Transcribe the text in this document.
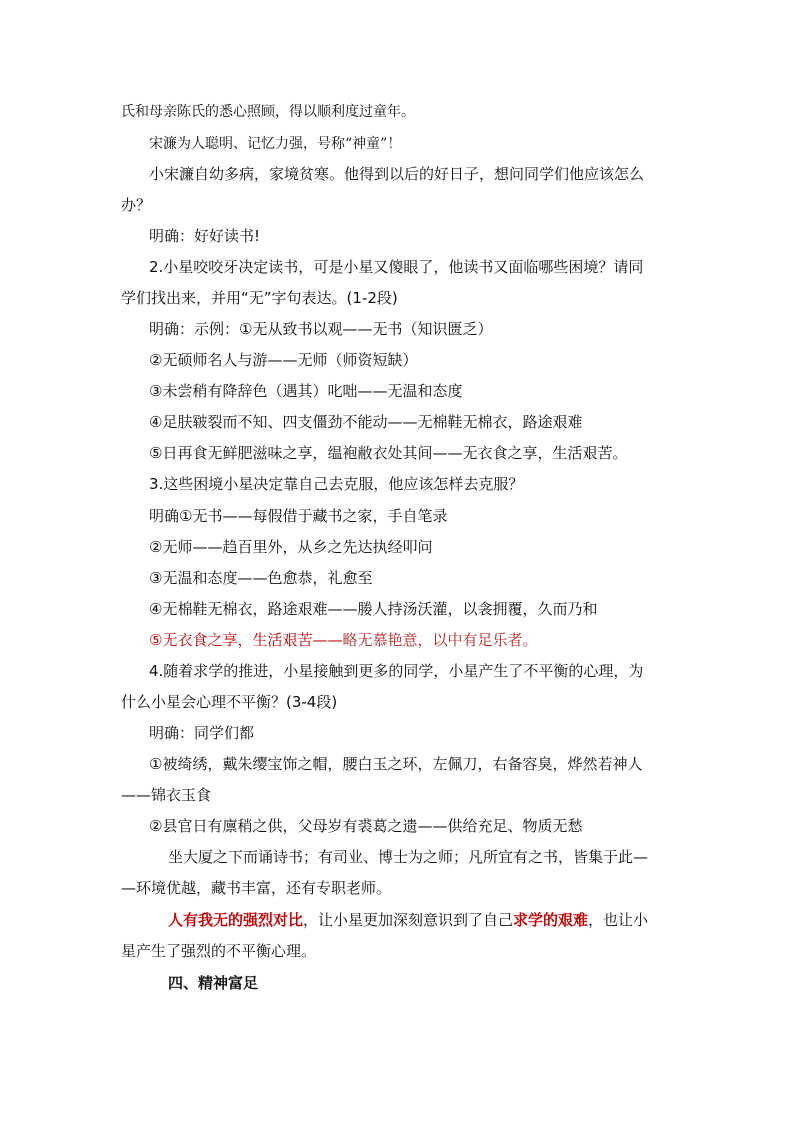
氏和母亲陈氏的悉心照顾，得以顺利度过童年。
宋濂为人聪明、记忆力强，号称“神童”！
小宋濂自幼多病，家境贫寒。他得到以后的好日子，想问同学们他应该怎么
办？
明确：好好读书!
2.小星咬咬牙决定读书，可是小星又傻眼了，他读书又面临哪些困境？请同
学们找出来，并用“无”字句表达。(1-2段)
明确：示例：①无从致书以观——无书（知识匮乏）
②无硕师名人与游——无师（师资短缺）
③未尝稍有降辞色（遇其）叱咄——无温和态度
④足肤皲裂而不知、四支僵劲不能动——无棉鞋无棉衣，路途艰难
⑤日再食无鲜肥滋味之享，缊袍敝衣处其间——无衣食之享，生活艰苦。
3.这些困境小星决定靠自己去克服，他应该怎样去克服？
明确①无书——每假借于藏书之家，手自笔录
②无师——趋百里外，从乡之先达执经叩问
③无温和态度——色愈恭，礼愈至
④无棉鞋无棉衣，路途艰难——媵人持汤沃灌，以衾拥覆，久而乃和
⑤无衣食之享，生活艰苦——略无慕艳意，以中有足乐者。
4.随着求学的推进，小星接触到更多的同学，小星产生了不平衡的心理，为
什么小星会心理不平衡？(3-4段)
明确：同学们都
①被绮绣，戴朱缨宝饰之帽，腰白玉之环，左佩刀，右备容臭，烨然若神人
——锦衣玉食
②县官日有廪稍之供，父母岁有裘葛之遗——供给充足、物质无愁
坐大厦之下而诵诗书；有司业、博士为之师；凡所宜有之书，皆集于此—
—环境优越，藏书丰富，还有专职老师。
人有我无的强烈对比，让小星更加深刻意识到了自己求学的艰难，也让小
星产生了强烈的不平衡心理。
四、精神富足
